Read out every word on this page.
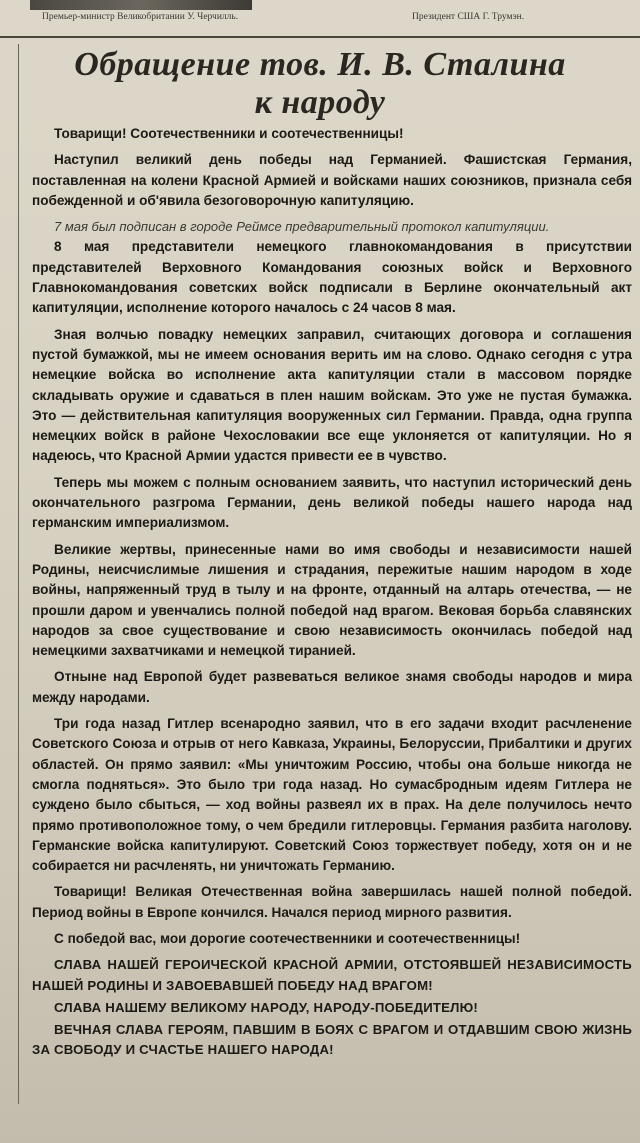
Премьер-министр Великобритании У. Черчилль.	Президент США Г. Трумэн.
Обращение тов. И. В. Сталина
к народу

Товарищи! Соотечественники и соотечественницы!

Наступил великий день победы над Германией. Фашистская Германия, поставленная на колени Красной Армией и войсками наших союзников, признала себя побежденной и об'явила безоговорочную капитуляцию.

7 мая был подписан в городе Реймсе предварительный протокол капитуляции.

8 мая представители немецкого главнокомандования в присутствии представителей Верховного Командования союзных войск и Верховного Главнокомандования советских войск подписали в Берлине окончательный акт капитуляции, исполнение которого началось с 24 часов 8 мая.

Зная волчью повадку немецких заправил, считающих договора и соглашения пустой бумажкой, мы не имеем основания верить им на слово. Однако сегодня с утра немецкие войска во исполнение акта капитуляции стали в массовом порядке складывать оружие и сдаваться в плен нашим войскам. Это уже не пустая бумажка. Это — действительная капитуляция вооруженных сил Германии. Правда, одна группа немецких войск в районе Чехословакии все еще уклоняется от капитуляции. Но я надеюсь, что Красной Армии удастся привести ее в чувство.

Теперь мы можем с полным основанием заявить, что наступил исторический день окончательного разгрома Германии, день великой победы нашего народа над германским империализмом.

Великие жертвы, принесенные нами во имя свободы и независимости нашей Родины, неисчислимые лишения и страдания, пережитые нашим народом в ходе войны, напряженный труд в тылу и на фронте, отданный на алтарь отечества, — не прошли даром и увенчались полной победой над врагом. Вековая борьба славянских народов за свое существование и свою независимость окончилась победой над немецкими захватчиками и немецкой тиранией.

Отныне над Европой будет развеваться великое знамя свободы народов и мира между народами.

Три года назад Гитлер всенародно заявил, что в его задачи входит расчленение Советского Союза и отрыв от него Кавказа, Украины, Белоруссии, Прибалтики и других областей. Он прямо заявил: «Мы уничтожим Россию, чтобы она больше никогда не смогла подняться». Это было три года назад. Но сумасбродным идеям Гитлера не суждено было сбыться, — ход войны развеял их в прах. На деле получилось нечто прямо противоположное тому, о чем бредили гитлеровцы. Германия разбита наголову. Германские войска капитулируют. Советский Союз торжествует победу, хотя он и не собирается ни расчленять, ни уничтожать Германию.

Товарищи! Великая Отечественная война завершилась нашей полной победой. Период войны в Европе кончился. Начался период мирного развития.

С победой вас, мои дорогие соотечественники и соотечественницы!

СЛАВА НАШЕЙ ГЕРОИЧЕСКОЙ КРАСНОЙ АРМИИ, ОТСТОЯВШЕЙ НЕЗАВИСИМОСТЬ НАШЕЙ РОДИНЫ И ЗАВОЕВАВШЕЙ ПОБЕДУ НАД ВРАГОМ!

СЛАВА НАШЕМУ ВЕЛИКОМУ НАРОДУ, НАРОДУ-ПОБЕДИТЕЛЮ!

ВЕЧНАЯ СЛАВА ГЕРОЯМ, ПАВШИМ В БОЯХ С ВРАГОМ И ОТДАВШИМ СВОЮ ЖИЗНЬ ЗА СВОБОДУ И СЧАСТЬЕ НАШЕГО НАРОДА!
